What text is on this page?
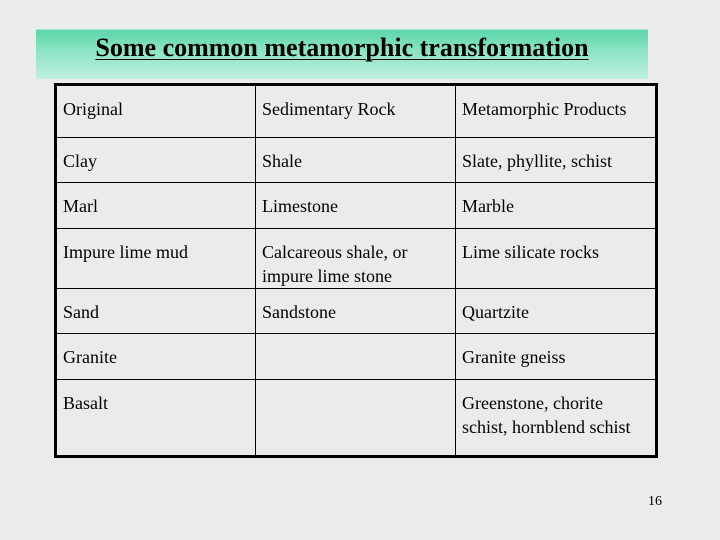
Some common metamorphic transformation
Original	Sedimentary Rock	Metamorphic Products
Clay	Shale	Slate, phyllite, schist
Marl	Limestone	Marble
Impure lime mud	Calcareous shale, or impure lime stone	Lime silicate rocks
Sand	Sandstone	Quartzite
Granite		Granite gneiss
Basalt		Greenstone, chorite schist, hornblend schist
16
